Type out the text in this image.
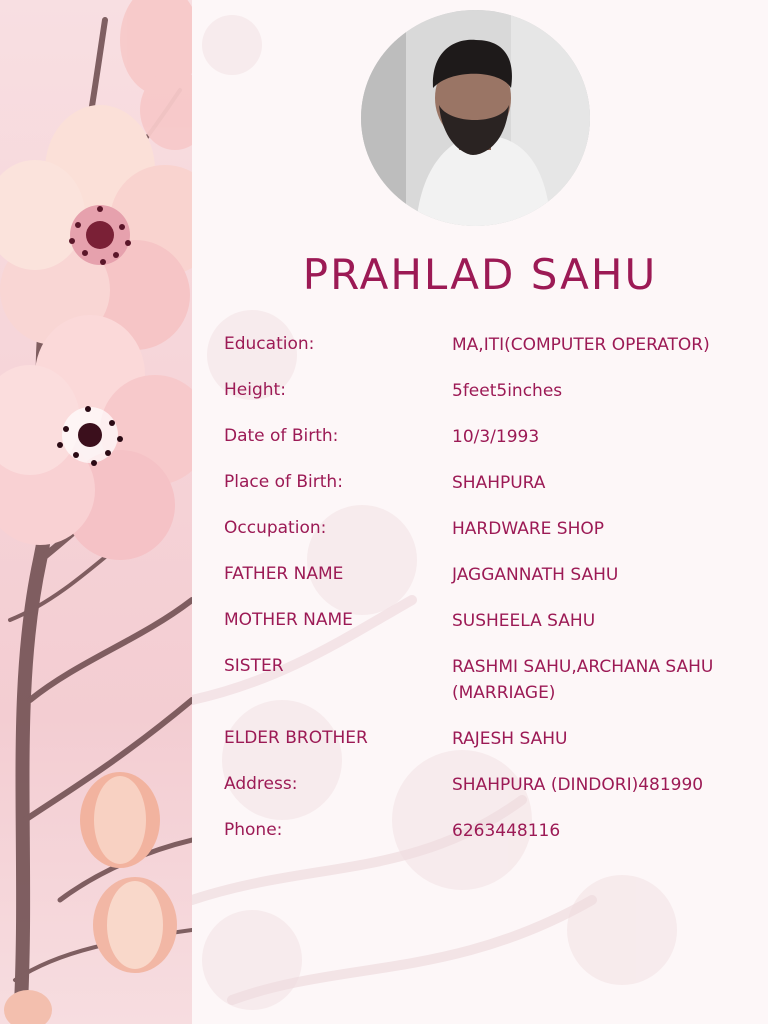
PRAHLAD SAHU
Education:	MA,ITI(COMPUTER OPERATOR)
Height:	5feet5inches
Date of Birth:	10/3/1993
Place of Birth:	SHAHPURA
Occupation:	HARDWARE SHOP
FATHER NAME	JAGGANNATH SAHU
MOTHER NAME	SUSHEELA SAHU
SISTER	RASHMI SAHU,ARCHANA SAHU (MARRIAGE)
ELDER BROTHER	RAJESH SAHU
Address:	SHAHPURA (DINDORI)481990
Phone:	6263448116
